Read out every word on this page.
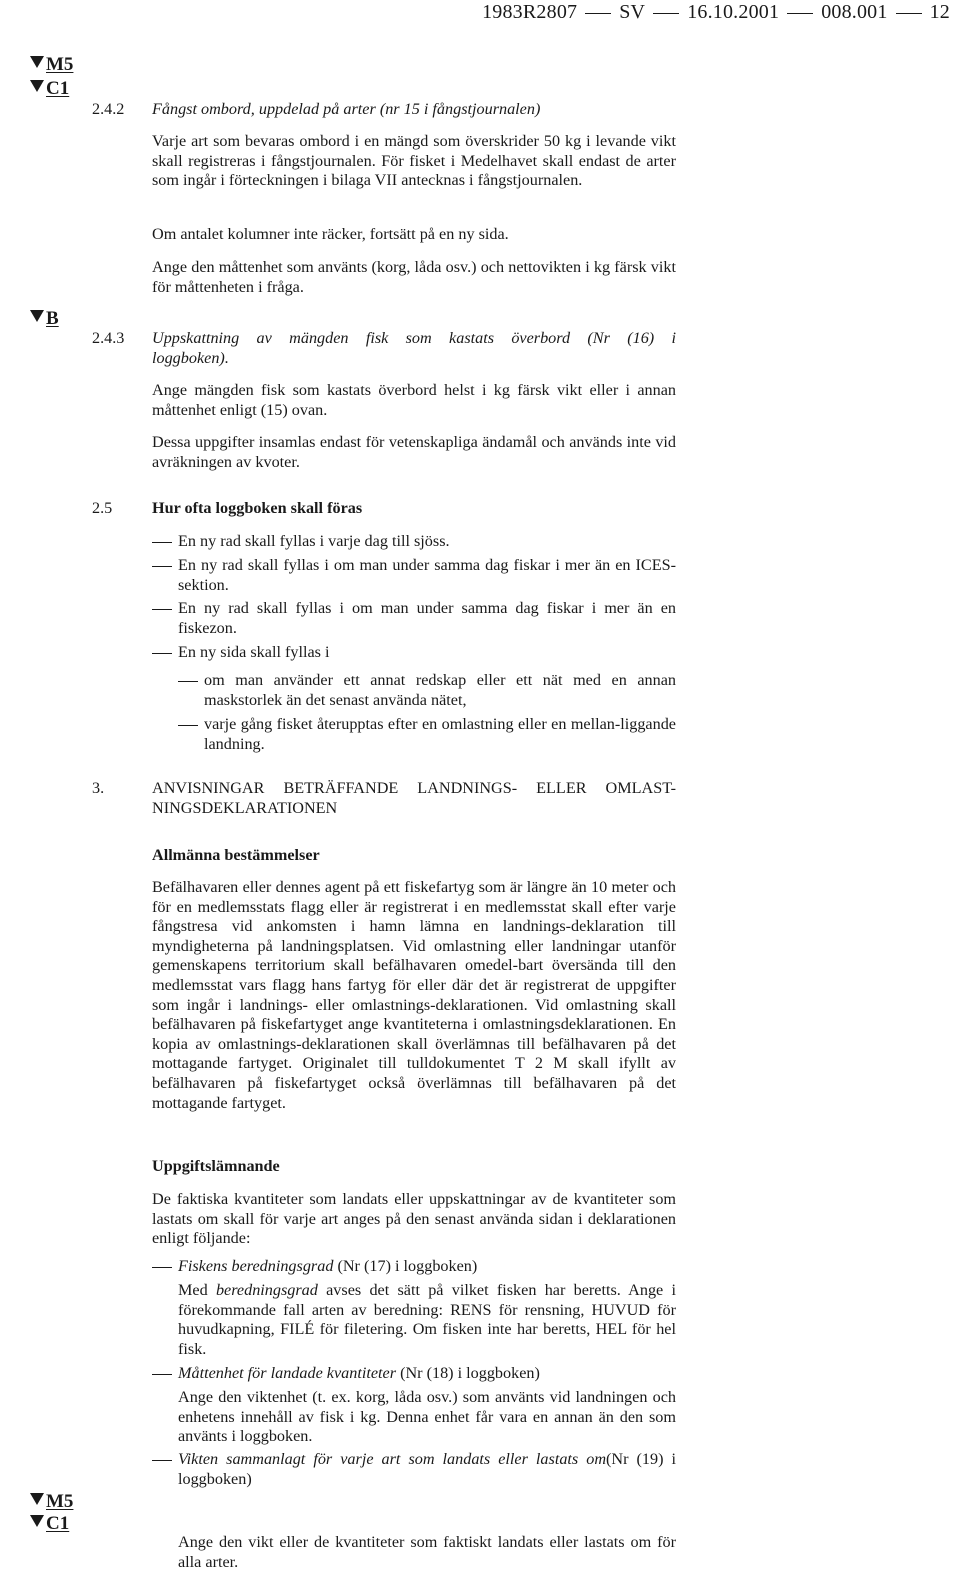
1983R2807 SV 16.10.2001 008.001 12
M5
C1
2.4.2 Fångst ombord, uppdelad på arter (nr 15 i fångstjournalen)
Varje art som bevaras ombord i en mängd som överskrider 50 kg i levande vikt skall registreras i fångstjournalen. För fisket i Medelhavet skall endast de arter som ingår i förteckningen i bilaga VII antecknas i fångstjournalen.
Om antalet kolumner inte räcker, fortsätt på en ny sida.
Ange den måttenhet som använts (korg, låda osv.) och nettovikten i kg färsk vikt för måttenheten i fråga.
B
2.4.3 Uppskattning av mängden fisk som kastats överbord (Nr (16) i loggboken).
Ange mängden fisk som kastats överbord helst i kg färsk vikt eller i annan måttenhet enligt (15) ovan.
Dessa uppgifter insamlas endast för vetenskapliga ändamål och används inte vid avräkningen av kvoter.
2.5 Hur ofta loggboken skall föras
En ny rad skall fyllas i varje dag till sjöss.
En ny rad skall fyllas i om man under samma dag fiskar i mer än en ICES-sektion.
En ny rad skall fyllas i om man under samma dag fiskar i mer än en fiskezon.
En ny sida skall fyllas i
om man använder ett annat redskap eller ett nät med en annan maskstorlek än det senast använda nätet,
varje gång fisket återupptas efter en omlastning eller en mellan-liggande landning.
3.	ANVISNINGAR BETRÄFFANDE LANDNINGS- ELLER OMLAST-NINGSDEKLARATIONEN
Allmänna bestämmelser
Befälhavaren eller dennes agent på ett fiskefartyg som är längre än 10 meter och för en medlemsstats flagg eller är registrerat i en medlemsstat skall efter varje fångstresa vid ankomsten i hamn lämna en landnings-deklaration till myndigheterna på landningsplatsen. Vid omlastning eller landningar utanför gemenskapens territorium skall befälhavaren omedel-bart översända till den medlemsstat vars flagg hans fartyg för eller där det är registrerat de uppgifter som ingår i landnings- eller omlastnings-deklarationen. Vid omlastning skall befälhavaren på fiskefartyget ange kvantiteterna i omlastningsdeklarationen. En kopia av omlastnings-deklarationen skall överlämnas till befälhavaren på det mottagande fartyget. Originalet till tulldokumentet T 2 M skall ifyllt av befälhavaren på fiskefartyget också överlämnas till befälhavaren på det mottagande fartyget.
Uppgiftslämnande
De faktiska kvantiteter som landats eller uppskattningar av de kvantiteter som lastats om skall för varje art anges på den senast använda sidan i deklarationen enligt följande:
Fiskens beredningsgrad (Nr (17) i loggboken)
Med beredningsgrad avses det sätt på vilket fisken har beretts. Ange i förekommande fall arten av beredning: RENS för rensning, HUVUD för huvudkapning, FILÉ för filetering. Om fisken inte har beretts, HEL för hel fisk.
Måttenhet för landade kvantiteter (Nr (18) i loggboken)
Ange den viktenhet (t. ex. korg, låda osv.) som använts vid landningen och enhetens innehåll av fisk i kg. Denna enhet får vara en annan än den som använts i loggboken.
Vikten sammanlagt för varje art som landats eller lastats om(Nr (19) i loggboken)
M5
C1
Ange den vikt eller de kvantiteter som faktiskt landats eller lastats om för alla arter.
